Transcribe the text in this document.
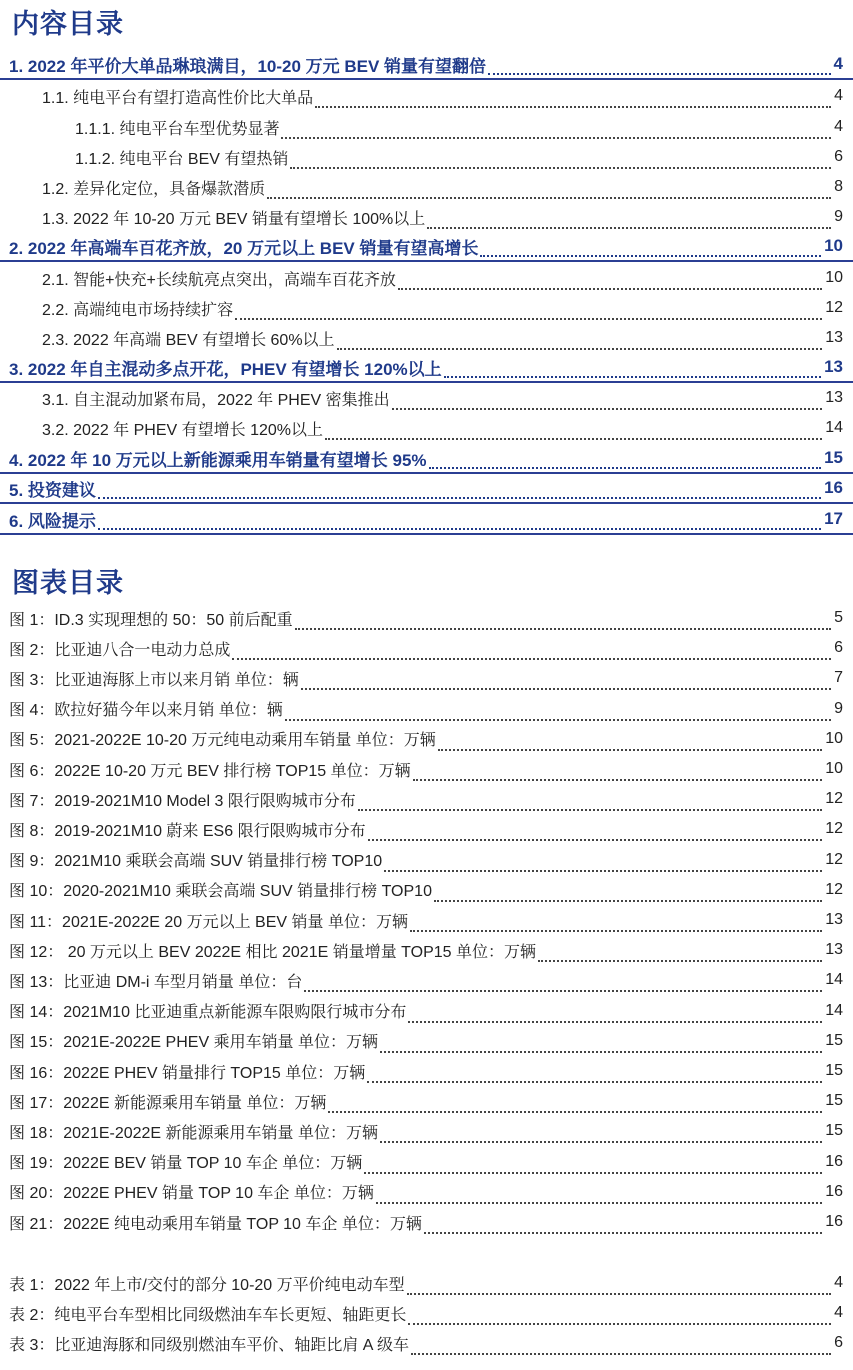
内容目录
1. 2022 年平价大单品琳琅满目，10-20 万元 BEV 销量有望翻倍	4
1.1. 纯电平台有望打造高性价比大单品	4
1.1.1. 纯电平台车型优势显著	4
1.1.2. 纯电平台 BEV 有望热销	6
1.2. 差异化定位，具备爆款潜质	8
1.3. 2022 年 10-20 万元 BEV 销量有望增长 100%以上	9
2. 2022 年高端车百花齐放，20 万元以上 BEV 销量有望高增长	10
2.1. 智能+快充+长续航亮点突出，高端车百花齐放	10
2.2. 高端纯电市场持续扩容	12
2.3. 2022 年高端 BEV 有望增长 60%以上	13
3. 2022 年自主混动多点开花，PHEV 有望增长 120%以上	13
3.1. 自主混动加紧布局，2022 年 PHEV 密集推出	13
3.2. 2022 年 PHEV 有望增长 120%以上	14
4. 2022 年 10 万元以上新能源乘用车销量有望增长 95%	15
5. 投资建议	16
6. 风险提示	17
图表目录
图 1：ID.3 实现理想的 50：50 前后配重	5
图 2：比亚迪八合一电动力总成	6
图 3：比亚迪海豚上市以来月销 单位：辆	7
图 4：欧拉好猫今年以来月销 单位：辆	9
图 5：2021-2022E 10-20 万元纯电动乘用车销量 单位：万辆	10
图 6：2022E 10-20 万元 BEV 排行榜 TOP15 单位：万辆	10
图 7：2019-2021M10 Model 3 限行限购城市分布	12
图 8：2019-2021M10 蔚来 ES6 限行限购城市分布	12
图 9：2021M10 乘联会高端 SUV 销量排行榜 TOP10	12
图 10：2020-2021M10 乘联会高端 SUV 销量排行榜 TOP10	12
图 11：2021E-2022E 20 万元以上 BEV 销量 单位：万辆	13
图 12： 20 万元以上 BEV 2022E 相比 2021E 销量增量 TOP15 单位：万辆	13
图 13：比亚迪 DM-i 车型月销量 单位：台	14
图 14：2021M10 比亚迪重点新能源车限购限行城市分布	14
图 15：2021E-2022E PHEV 乘用车销量 单位：万辆	15
图 16：2022E PHEV 销量排行 TOP15 单位：万辆	15
图 17：2022E 新能源乘用车销量 单位：万辆	15
图 18：2021E-2022E 新能源乘用车销量 单位：万辆	15
图 19：2022E BEV 销量 TOP 10 车企 单位：万辆	16
图 20：2022E PHEV 销量 TOP 10 车企 单位：万辆	16
图 21：2022E 纯电动乘用车销量 TOP 10 车企 单位：万辆	16
表 1：2022 年上市/交付的部分 10-20 万平价纯电动车型	4
表 2：纯电平台车型相比同级燃油车车长更短、轴距更长	4
表 3：比亚迪海豚和同级别燃油车平价、轴距比肩 A 级车	6
